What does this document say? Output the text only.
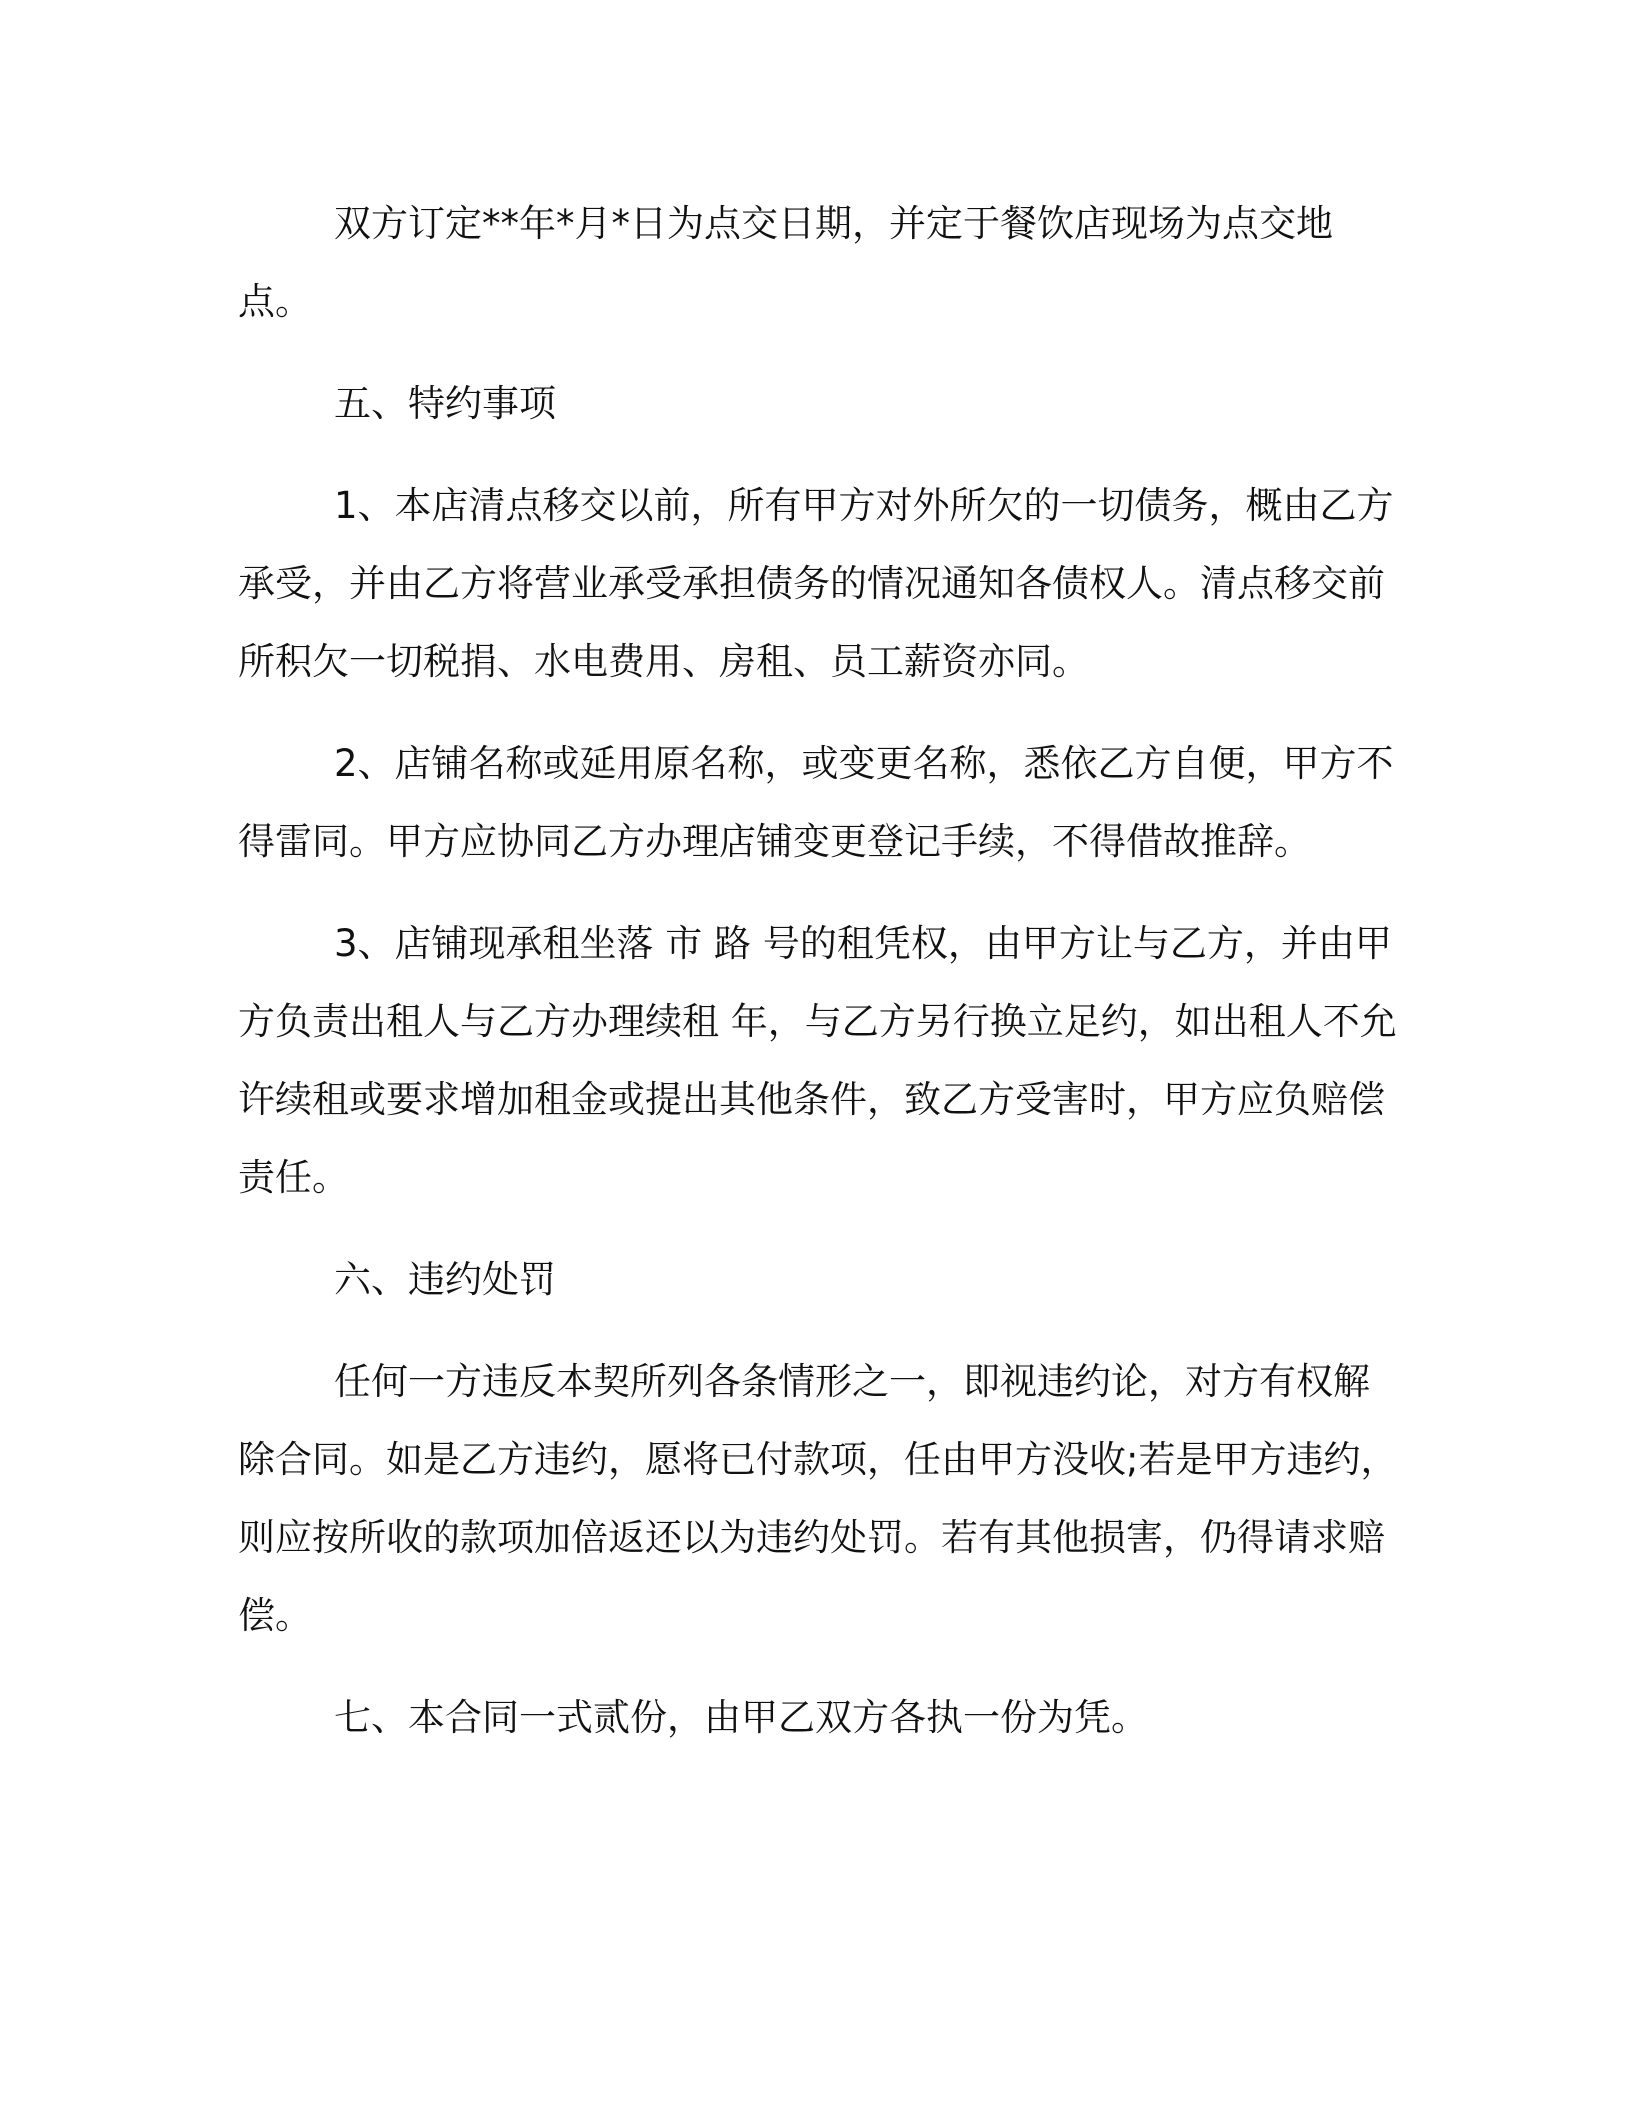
双方订定**年*月*日为点交日期，并定于餐饮店现场为点交地点。

五、特约事项

1、本店清点移交以前，所有甲方对外所欠的一切债务，概由乙方承受，并由乙方将营业承受承担债务的情况通知各债权人。清点移交前所积欠一切税捐、水电费用、房租、员工薪资亦同。

2、店铺名称或延用原名称，或变更名称，悉依乙方自便，甲方不得雷同。甲方应协同乙方办理店铺变更登记手续，不得借故推辞。

3、店铺现承租坐落 市 路 号的租凭权，由甲方让与乙方，并由甲方负责出租人与乙方办理续租 年，与乙方另行换立足约，如出租人不允许续租或要求增加租金或提出其他条件，致乙方受害时，甲方应负赔偿责任。

六、违约处罚

任何一方违反本契所列各条情形之一，即视违约论，对方有权解除合同。如是乙方违约，愿将已付款项，任由甲方没收;若是甲方违约，则应按所收的款项加倍返还以为违约处罚。若有其他损害，仍得请求赔偿。

七、本合同一式贰份，由甲乙双方各执一份为凭。
